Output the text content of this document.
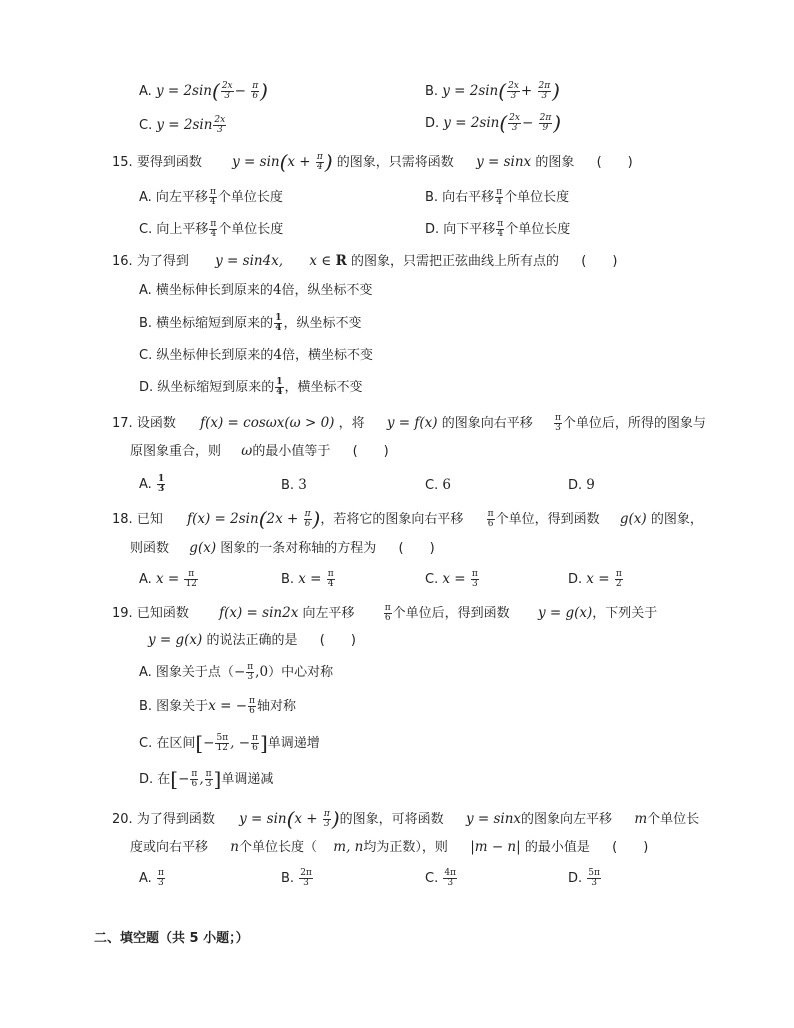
A. $y = 2\sin( \frac{2x}{3} - \frac{\pi}{6}$ )	B. $y = 2\sin( \frac{2x}{3} + \frac{2\pi}{3}$ )
C. $y = 2\sin \frac{2x}{3}$	D. $y = 2\sin( \frac{2x}{3} - \frac{2\pi}{9}$ )
15. 要得到函数 $y = \sin(x + \frac{\pi}{4}$ ) 的图象，只需将函数 y = sinx 的图象 (　　)
A. 向左平移 $\frac{\pi}{4}$ 个单位长度	B. 向右平移 $\frac{\pi}{4}$ 个单位长度
C. 向上平移 $\frac{\pi}{4}$ 个单位长度	D. 向下平移 $\frac{\pi}{4}$ 个单位长度
16. 为了得到 y = sin4x, x ∈ R 的图象，只需把正弦曲线上所有点的 (　　)
A. 横坐标伸长到原来的4倍，纵坐标不变
B. 横坐标缩短到原来的 $\frac{1}{4}$ ，纵坐标不变
C. 纵坐标伸长到原来的4倍，横坐标不变
D. 纵坐标缩短到原来的 $\frac{1}{4}$ ，横坐标不变
17. 设函数 f(x) = cosωx(ω > 0) ，将 y = f(x) 的图象向右平移 $\frac{\pi}{3}$ 个单位后，所得的图象与
原图象重合，则 ω的最小值等于 (　　)
A. $\frac{1}{3}$	B. 3	C. 6	D. 9
18. 已知 $f(x) = 2\sin(2x + \frac{\pi}{6}$ )，若将它的图象向右平移	$\frac{\pi}{6}$ 个单位，得到函数 g(x) 的图象，
则函数 g(x) 图象的一条对称轴的方程为 (　　)
A. $x = \frac{\pi}{12}$	B. $x = \frac{\pi}{4}$	C. $x = \frac{\pi}{3}$	D. $x = \frac{\pi}{2}$
19. 已知函数 f(x) = sin2x 向左平移	$\frac{\pi}{6}$ 个单位后，得到函数 y = g(x)，下列关于
y = g(x) 的说法正确的是 (　　)
A. 图象关于点（− $\frac{\pi}{3} ,0$）中心对称
B. 图象关于x = − $\frac{\pi}{6}$ 轴对称
C. 在区间[− $\frac{5\pi}{12}$ , − $\frac{\pi}{6}$ ]单调递增
D. 在[− $\frac{\pi}{6}$ , $\frac{\pi}{3}$ ]单调递减
20. 为了得到函数 $y = \sin(x + \frac{\pi}{3}$ )的图象，可将函数 y = sinx的图象向左平移 m个单位长
度或向右平移 n个单位长度（ m, n均为正数），则 |m − n| 的最小值是 (　　)
A. $\frac{\pi}{3}$	B. $\frac{2\pi}{3}$	C. $\frac{4\pi}{3}$	D. $\frac{5\pi}{3}$
二、填空题（共 5 小题；）
